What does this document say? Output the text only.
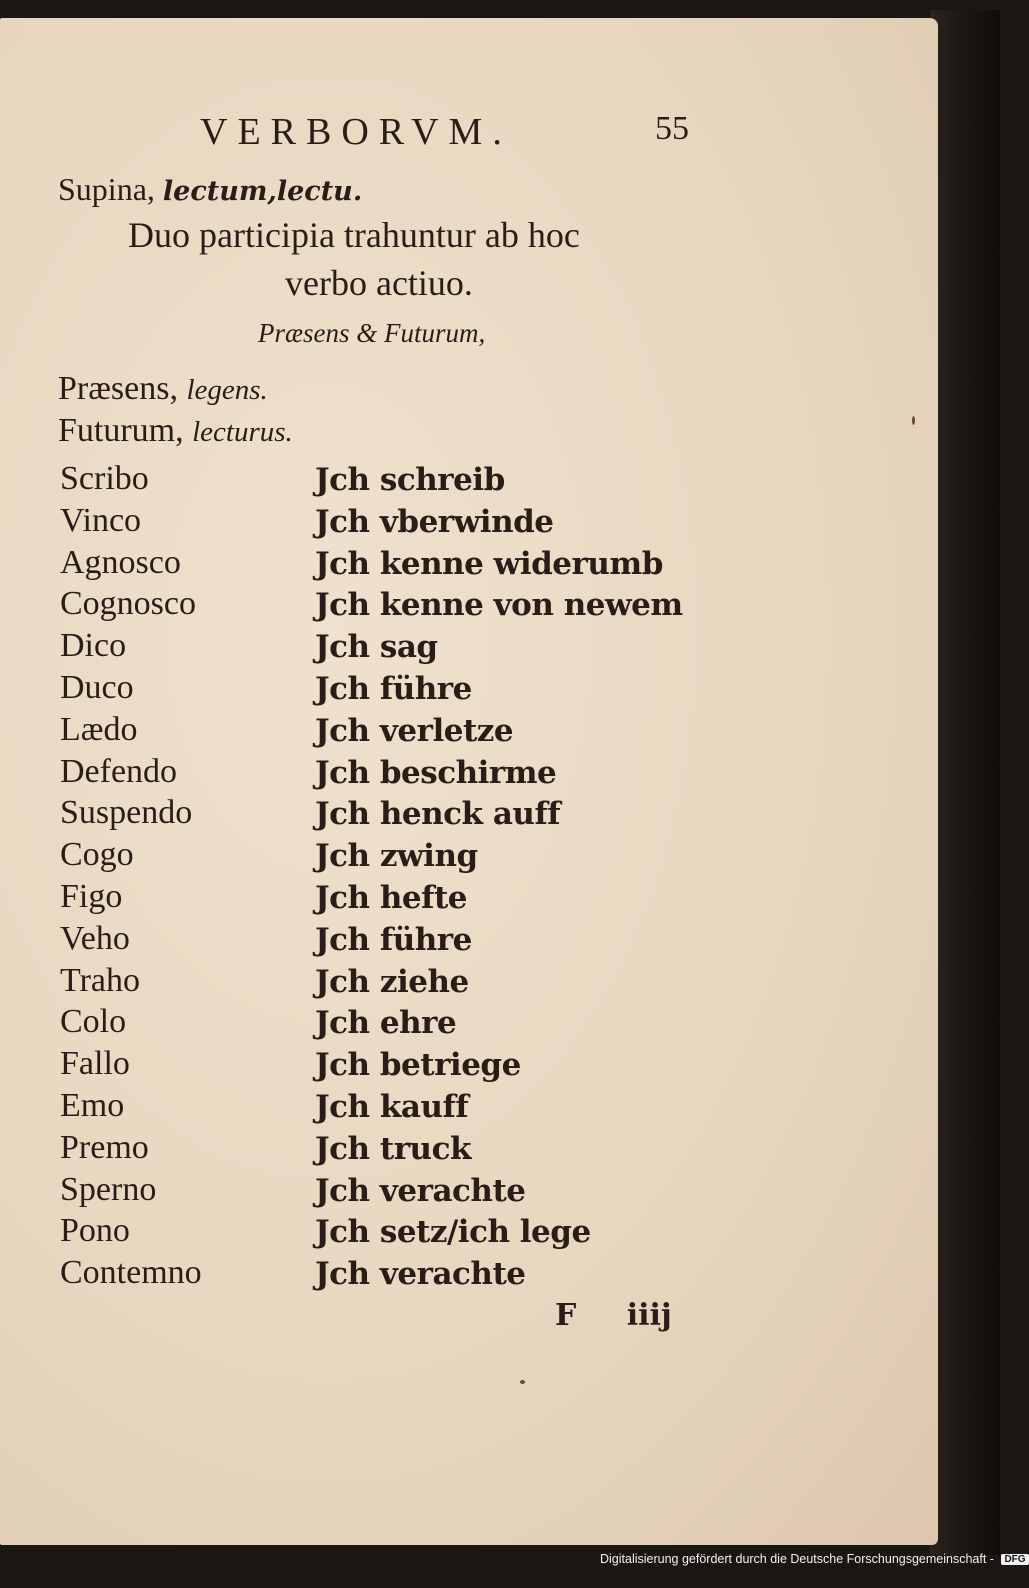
VERBORVM.	55
Supina, lectum,lectu.
Duo participia trahuntur ab hoc
verbo actiuo.
Præsens & Futurum,
Præsens, legens.
Futurum, lecturus.
Scribo	Jch schreib
Vinco	Jch vberwinde
Agnosco	Jch kenne widerumb
Cognosco	Jch kenne von newem
Dico	Jch sag
Duco	Jch führe
Lædo	Jch verletze
Defendo	Jch beschirme
Suspendo	Jch henck auff
Cogo	Jch zwing
Figo	Jch hefte
Veho	Jch führe
Traho	Jch ziehe
Colo	Jch ehre
Fallo	Jch betriege
Emo	Jch kauff
Premo	Jch truck
Sperno	Jch verachte
Pono	Jch setz/ich lege
Contemno	Jch verachte
F iiij
Digitalisierung gefördert durch die Deutsche Forschungsgemeinschaft - DFG
